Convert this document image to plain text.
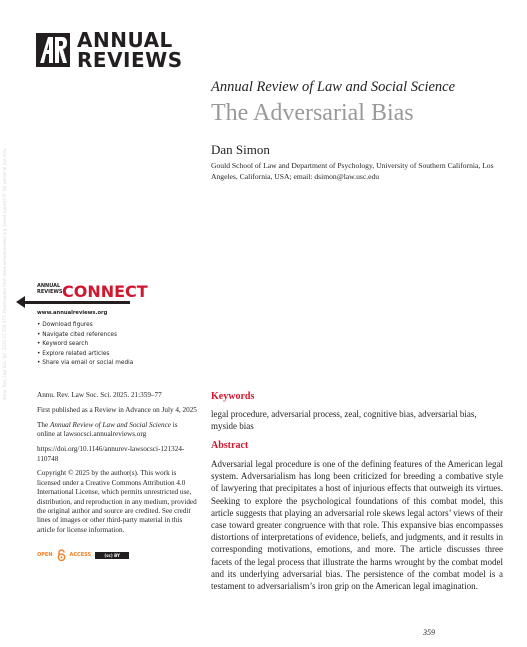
Annu. Rev. Law Soc. Sci. 2025.21:359-377. Downloaded from www.annualreviews.org. Guest (guest) IP: For personal use only.
ANNUAL
REVIEWS
Annual Review of Law and Social Science
The Adversarial Bias
Dan Simon
Gould School of Law and Department of Psychology, University of Southern California, Los Angeles, California, USA; email: dsimon@law.usc.edu
ANNUAL
REVIEWS CONNECT
www.annualreviews.org
• Download figures
• Navigate cited references
• Keyword search
• Explore related articles
• Share via email or social media

Annu. Rev. Law Soc. Sci. 2025. 21:359–77

First published as a Review in Advance on July 4, 2025

The Annual Review of Law and Social Science is online at lawsocsci.annualreviews.org

https://doi.org/10.1146/annurev-lawsocsci-121324-110748

Copyright © 2025 by the author(s). This work is licensed under a Creative Commons Attribution 4.0 International License, which permits unrestricted use, distribution, and reproduction in any medium, provided the original author and source are credited. See credit lines of images or other third-party material in this article for license information.

OPEN	ACCESS	(cc) BY
Keywords
legal procedure, adversarial process, zeal, cognitive bias, adversarial bias, myside bias
Abstract
Adversarial legal procedure is one of the defining features of the American legal system. Adversarialism has long been criticized for breeding a combative style of lawyering that precipitates a host of injurious effects that outweigh its virtues. Seeking to explore the psychological foundations of this combat model, this article suggests that playing an adversarial role skews legal actors’ views of their case toward greater congruence with that role. This expansive bias encompasses distortions of interpretations of evidence, beliefs, and judgments, and it results in corresponding motivations, emotions, and more. The article discusses three facets of the legal process that illustrate the harms wrought by the combat model and its underlying adversarial bias. The persistence of the combat model is a testament to adversarialism’s iron grip on the American legal imagination.
359
